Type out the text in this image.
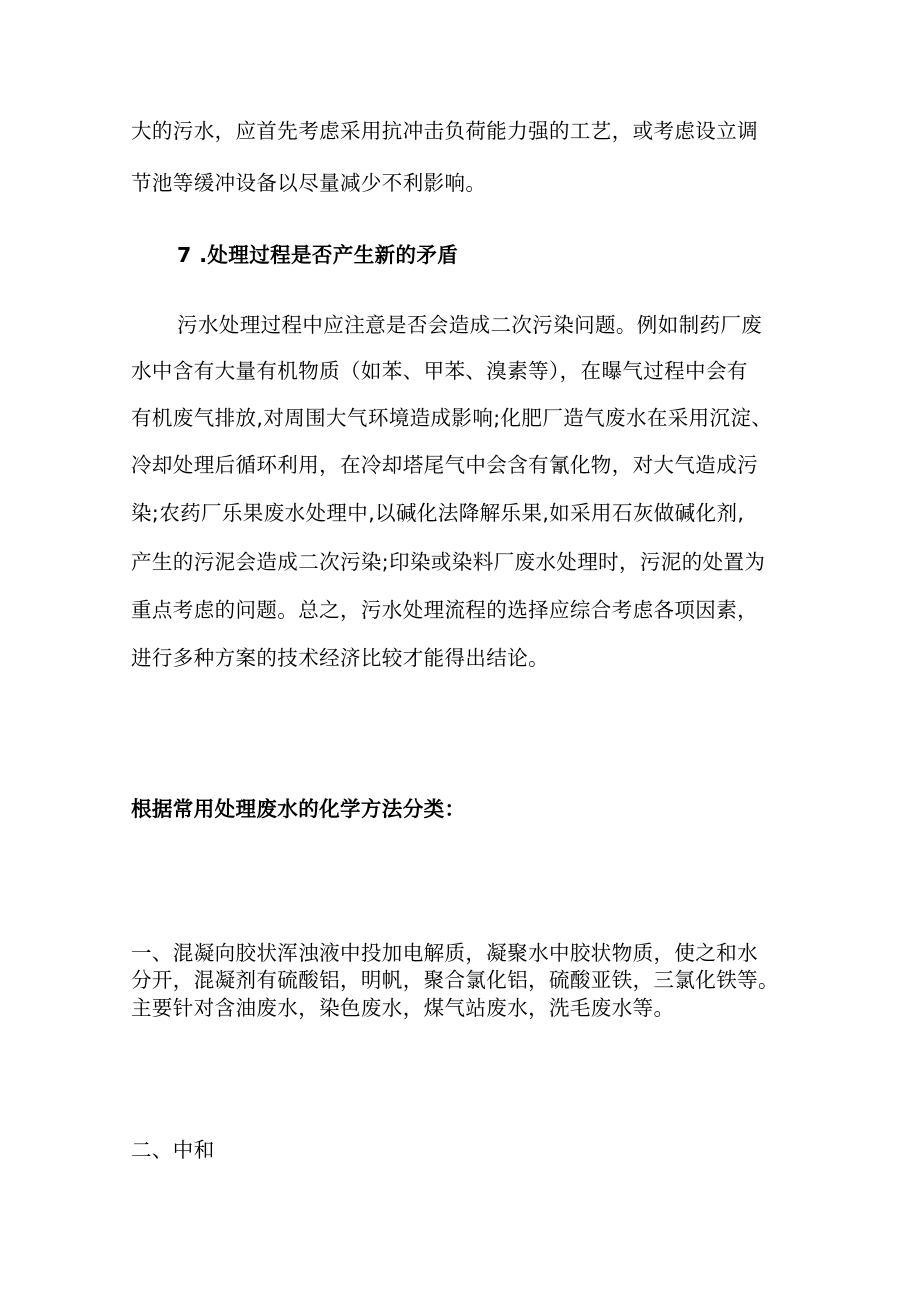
大的污水，应首先考虑采用抗冲击负荷能力强的工艺，或考虑设立调
节池等缓冲设备以尽量减少不利影响。
7 .处理过程是否产生新的矛盾
污水处理过程中应注意是否会造成二次污染问题。例如制药厂废
水中含有大量有机物质（如苯、甲苯、溴素等），在曝气过程中会有
有机废气排放,对周围大气环境造成影响;化肥厂造气废水在采用沉淀、
冷却处理后循环利用，在冷却塔尾气中会含有氰化物，对大气造成污
染;农药厂乐果废水处理中,以碱化法降解乐果,如采用石灰做碱化剂,
产生的污泥会造成二次污染;印染或染料厂废水处理时，污泥的处置为
重点考虑的问题。总之，污水处理流程的选择应综合考虑各项因素，
进行多种方案的技术经济比较才能得出结论。
根据常用处理废水的化学方法分类：
一、混凝向胶状浑浊液中投加电解质，凝聚水中胶状物质，使之和水
分开，混凝剂有硫酸铝，明帆，聚合氯化铝，硫酸亚铁，三氯化铁等。
主要针对含油废水，染色废水，煤气站废水，洗毛废水等。
二、中和
